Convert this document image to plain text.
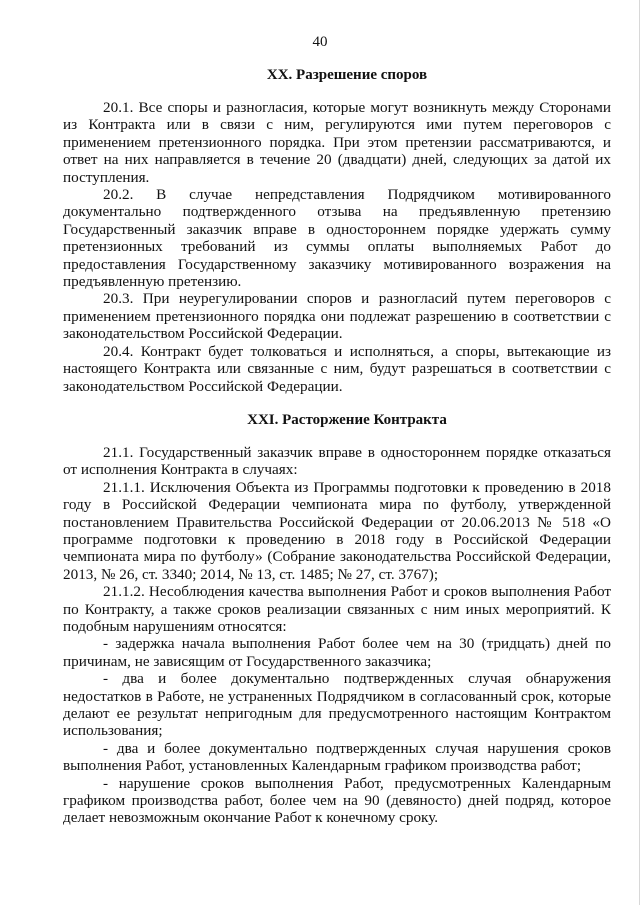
40
XX. Разрешение споров

20.1. Все споры и разногласия, которые могут возникнуть между Сторонами из Контракта или в связи с ним, регулируются ими путем переговоров с применением претензионного порядка. При этом претензии рассматриваются, и ответ на них направляется в течение 20 (двадцати) дней, следующих за датой их поступления.

20.2. В случае непредставления Подрядчиком мотивированного документально подтвержденного отзыва на предъявленную претензию Государственный заказчик вправе в одностороннем порядке удержать сумму претензионных требований из суммы оплаты выполняемых Работ до предоставления Государственному заказчику мотивированного возражения на предъявленную претензию.

20.3. При неурегулировании споров и разногласий путем переговоров с применением претензионного порядка они подлежат разрешению в соответствии с законодательством Российской Федерации.

20.4. Контракт будет толковаться и исполняться, а споры, вытекающие из настоящего Контракта или связанные с ним, будут разрешаться в соответствии с законодательством Российской Федерации.

XXI. Расторжение Контракта

21.1. Государственный заказчик вправе в одностороннем порядке отказаться от исполнения Контракта в случаях:

21.1.1. Исключения Объекта из Программы подготовки к проведению в 2018 году в Российской Федерации чемпионата мира по футболу, утвержденной постановлением Правительства Российской Федерации от 20.06.2013 № 518 «О программе подготовки к проведению в 2018 году в Российской Федерации чемпионата мира по футболу» (Собрание законодательства Российской Федерации, 2013, № 26, ст. 3340; 2014, № 13, ст. 1485; № 27, ст. 3767);

21.1.2. Несоблюдения качества выполнения Работ и сроков выполнения Работ по Контракту, а также сроков реализации связанных с ним иных мероприятий. К подобным нарушениям относятся:

- задержка начала выполнения Работ более чем на 30 (тридцать) дней по причинам, не зависящим от Государственного заказчика;

- два и более документально подтвержденных случая обнаружения недостатков в Работе, не устраненных Подрядчиком в согласованный срок, которые делают ее результат непригодным для предусмотренного настоящим Контрактом использования;

- два и более документально подтвержденных случая нарушения сроков выполнения Работ, установленных Календарным графиком производства работ;

- нарушение сроков выполнения Работ, предусмотренных Календарным графиком производства работ, более чем на 90 (девяносто) дней подряд, которое делает невозможным окончание Работ к конечному сроку.
